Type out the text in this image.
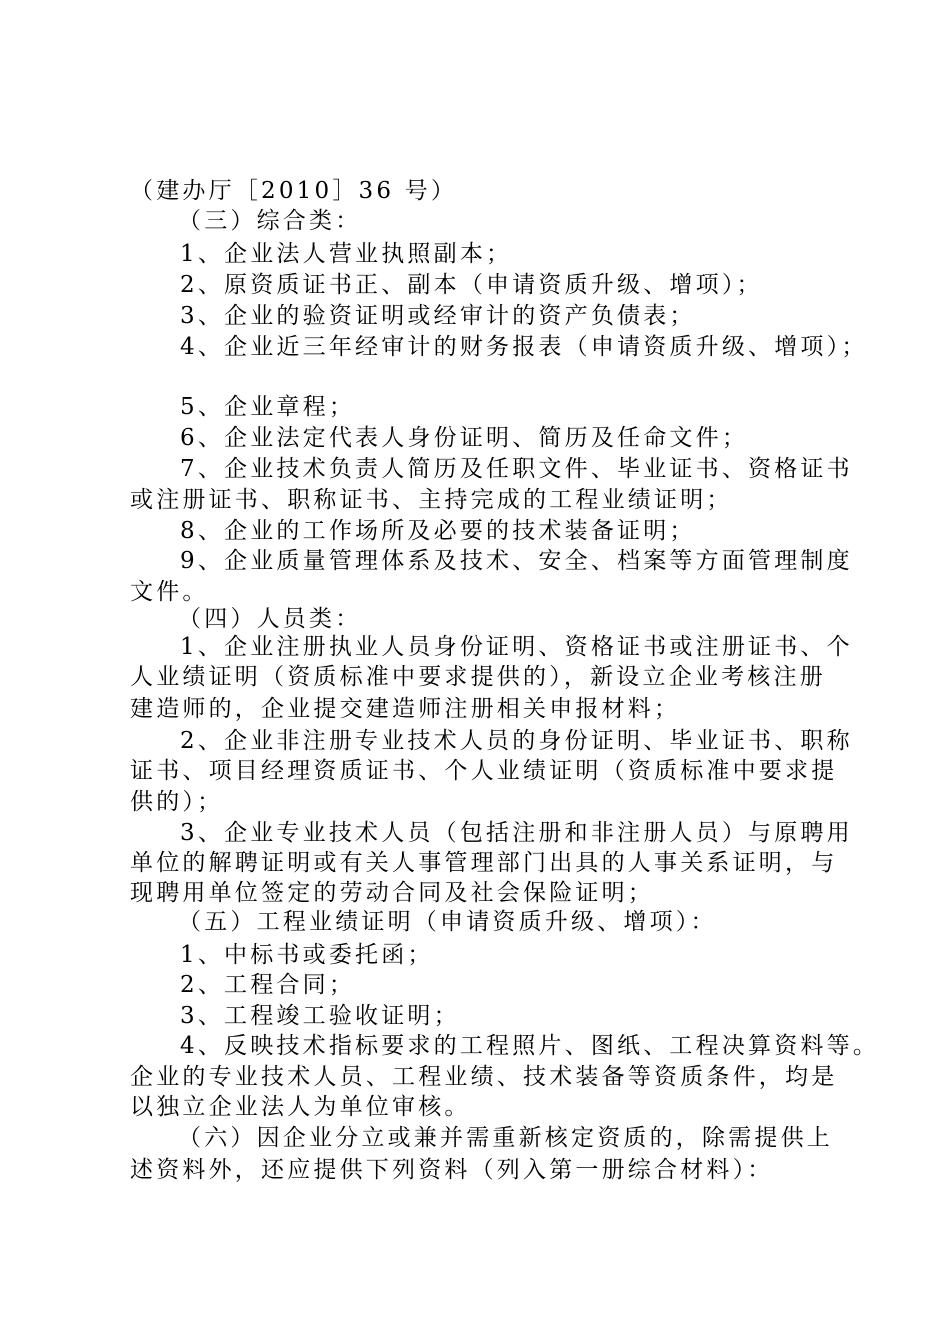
（建办厅［2010］36 号）
（三）综合类：
1、企业法人营业执照副本；
2、原资质证书正、副本（申请资质升级、增项）；
3、企业的验资证明或经审计的资产负债表；
4、企业近三年经审计的财务报表（申请资质升级、增项）；
5、企业章程；
6、企业法定代表人身份证明、简历及任命文件；
7、企业技术负责人简历及任职文件、毕业证书、资格证书
或注册证书、职称证书、主持完成的工程业绩证明；
8、企业的工作场所及必要的技术装备证明；
9、企业质量管理体系及技术、安全、档案等方面管理制度
文件。
（四）人员类：
1、企业注册执业人员身份证明、资格证书或注册证书、个
人业绩证明（资质标准中要求提供的），新设立企业考核注册
建造师的，企业提交建造师注册相关申报材料；
2、企业非注册专业技术人员的身份证明、毕业证书、职称
证书、项目经理资质证书、个人业绩证明（资质标准中要求提
供的）；
3、企业专业技术人员（包括注册和非注册人员）与原聘用
单位的解聘证明或有关人事管理部门出具的人事关系证明，与
现聘用单位签定的劳动合同及社会保险证明；
（五）工程业绩证明（申请资质升级、增项）：
1、中标书或委托函；
2、工程合同；
3、工程竣工验收证明；
4、反映技术指标要求的工程照片、图纸、工程决算资料等。
企业的专业技术人员、工程业绩、技术装备等资质条件，均是
以独立企业法人为单位审核。
（六）因企业分立或兼并需重新核定资质的，除需提供上
述资料外，还应提供下列资料（列入第一册综合材料）：
